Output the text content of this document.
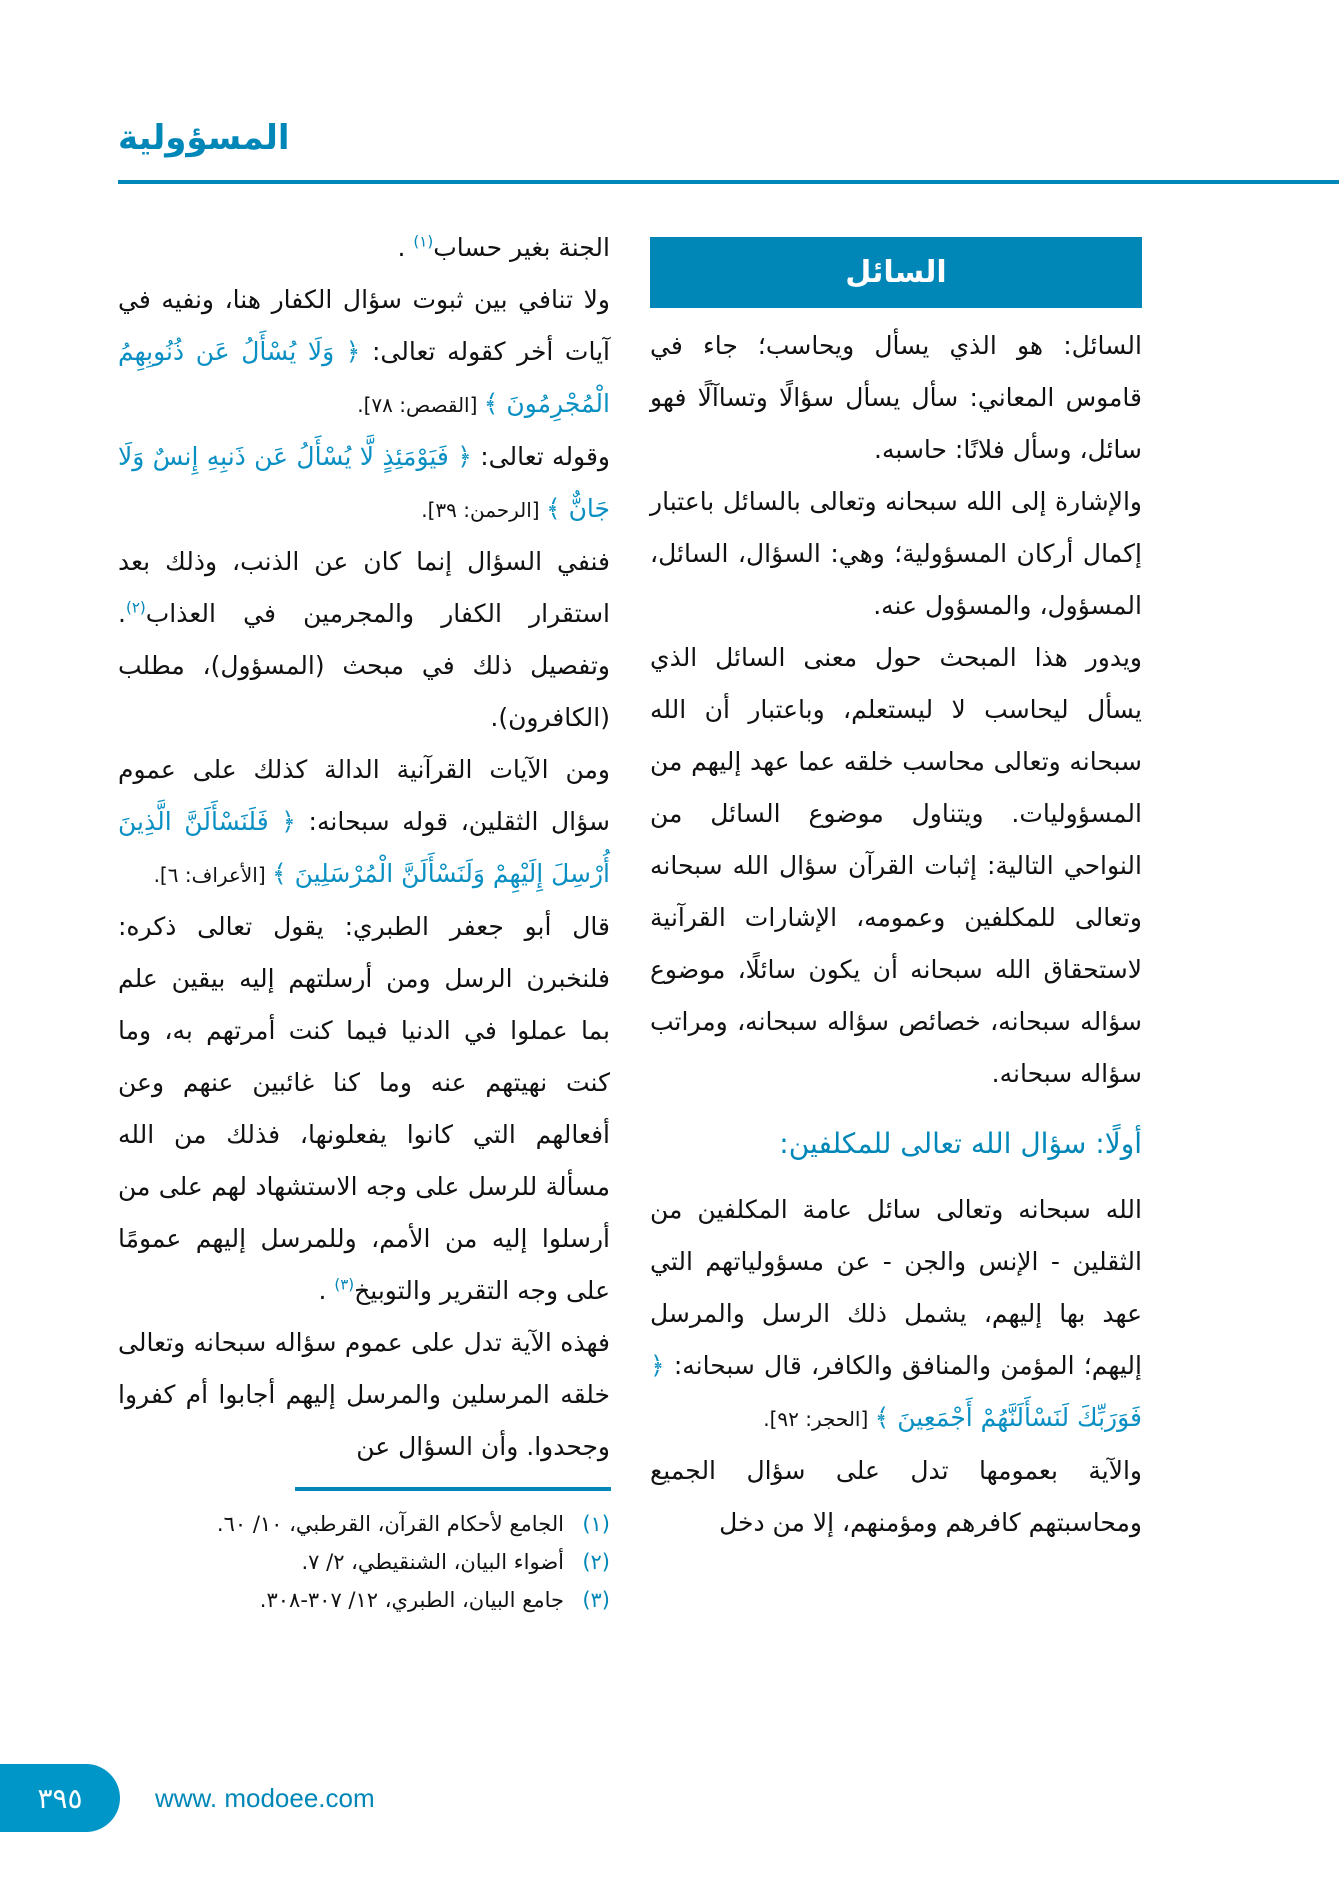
المسؤولية
السائل

السائل: هو الذي يسأل ويحاسب؛ جاء في قاموس المعاني: سأل يسأل سؤالًا وتساآلًا فهو سائل، وسأل فلانًا: حاسبه.

والإشارة إلى الله سبحانه وتعالى بالسائل باعتبار إكمال أركان المسؤولية؛ وهي: السؤال، السائل، المسؤول، والمسؤول عنه.

ويدور هذا المبحث حول معنى السائل الذي يسأل ليحاسب لا ليستعلم، وباعتبار أن الله سبحانه وتعالى محاسب خلقه عما عهد إليهم من المسؤوليات. ويتناول موضوع السائل من النواحي التالية: إثبات القرآن سؤال الله سبحانه وتعالى للمكلفين وعمومه، الإشارات القرآنية لاستحقاق الله سبحانه أن يكون سائلًا، موضوع سؤاله سبحانه، خصائص سؤاله سبحانه، ومراتب سؤاله سبحانه.

أولًا: سؤال الله تعالى للمكلفين:

الله سبحانه وتعالى سائل عامة المكلفين من الثقلين - الإنس والجن - عن مسؤولياتهم التي عهد بها إليهم، يشمل ذلك الرسل والمرسل إليهم؛ المؤمن والمنافق والكافر، قال سبحانه: ﴿ فَوَرَبِّكَ لَنَسْأَلَنَّهُمْ أَجْمَعِينَ ﴾ [الحجر: ٩٢].

والآية بعمومها تدل على سؤال الجميع ومحاسبتهم كافرهم ومؤمنهم، إلا من دخل

الجنة بغير حساب$^{(١)}$ .

ولا تنافي بين ثبوت سؤال الكفار هنا، ونفيه في آيات أخر كقوله تعالى: ﴿ وَلَا يُسْأَلُ عَن ذُنُوبِهِمُ الْمُجْرِمُونَ ﴾ [القصص: ٧٨].

وقوله تعالى: ﴿ فَيَوْمَئِذٍ لَّا يُسْأَلُ عَن ذَنبِهِ إِنسٌ وَلَا جَانٌّ ﴾ [الرحمن: ٣٩].

فنفي السؤال إنما كان عن الذنب، وذلك بعد استقرار الكفار والمجرمين في العذاب$^{(٢)}$. وتفصيل ذلك في مبحث (المسؤول)، مطلب (الكافرون).

ومن الآيات القرآنية الدالة كذلك على عموم سؤال الثقلين، قوله سبحانه: ﴿ فَلَنَسْأَلَنَّ الَّذِينَ أُرْسِلَ إِلَيْهِمْ وَلَنَسْأَلَنَّ الْمُرْسَلِينَ ﴾ [الأعراف: ٦].

قال أبو جعفر الطبري: يقول تعالى ذكره: فلنخبرن الرسل ومن أرسلتهم إليه بيقين علم بما عملوا في الدنيا فيما كنت أمرتهم به، وما كنت نهيتهم عنه وما كنا غائبين عنهم وعن أفعالهم التي كانوا يفعلونها، فذلك من الله مسألة للرسل على وجه الاستشهاد لهم على من أرسلوا إليه من الأمم، وللمرسل إليهم عمومًا على وجه التقرير والتوبيخ$^{(٣)}$ .

فهذه الآية تدل على عموم سؤاله سبحانه وتعالى خلقه المرسلين والمرسل إليهم أجابوا أم كفروا وجحدوا. وأن السؤال عن

(١)الجامع لأحكام القرآن، القرطبي، ١٠/ ٦٠.
(٢)أضواء البيان، الشنقيطي، ٢/ ٧.
(٣)جامع البيان، الطبري، ١٢/ ٣٠٧-٣٠٨.
٣٩٥	www. modoee.com
